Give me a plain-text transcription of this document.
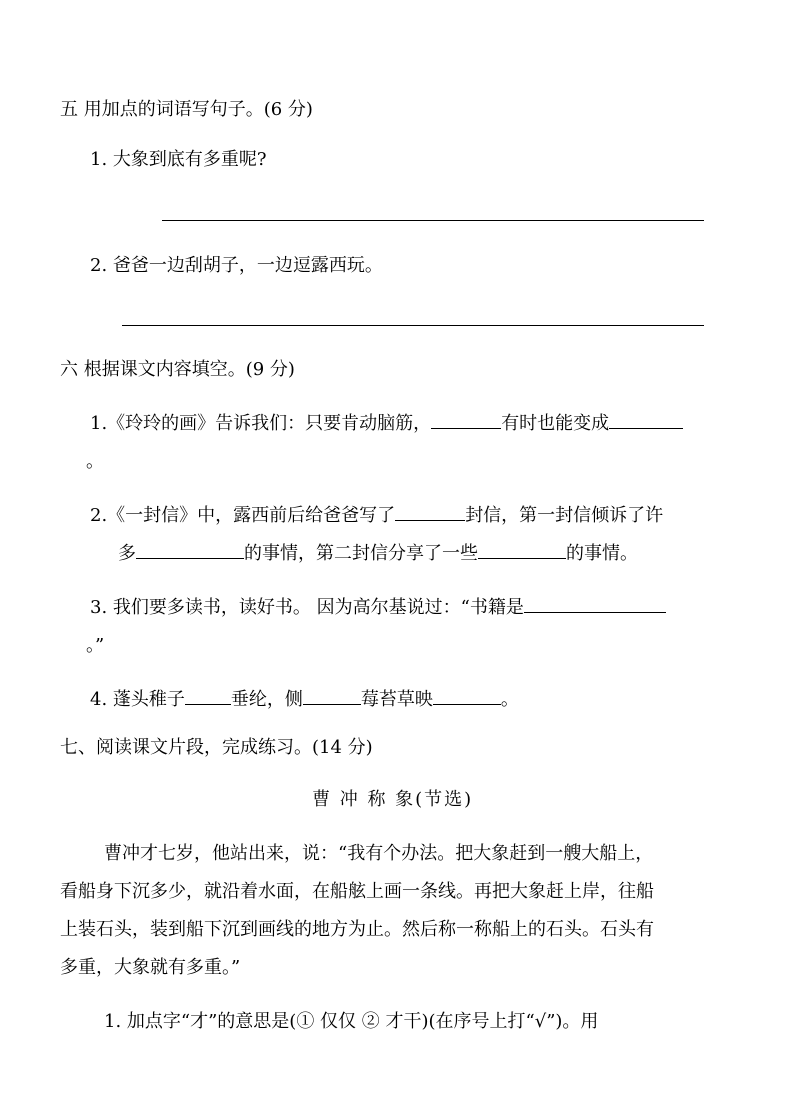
五 用加点的词语写句子。(6 分)
1. 大象到底有多重呢?
2. 爸爸一边刮胡子，一边逗露西玩。
六 根据课文内容填空。(9 分)
1.《玲玲的画》告诉我们：只要肯动脑筋，	有时也能变成
。
2.《一封信》中，露西前后给爸爸写了	封信，第一封信倾诉了许
多	的事情，第二封信分享了一些	的事情。
3. 我们要多读书，读好书。 因为高尔基说过：“书籍是
。”
4. 蓬头稚子	垂纶，侧	莓苔草映	。
七、阅读课文片段，完成练习。(14 分)
曹 冲 称 象(节选)
曹冲才七岁，他站出来，说：“我有个办法。把大象赶到一艘大船上，
看船身下沉多少，就沿着水面，在船舷上画一条线。再把大象赶上岸，往船
上装石头，装到船下沉到画线的地方为止。然后称一称船上的石头。石头有
多重，大象就有多重。”
1. 加点字“才”的意思是(① 仅仅 ② 才干)(在序号上打“√”)。用
